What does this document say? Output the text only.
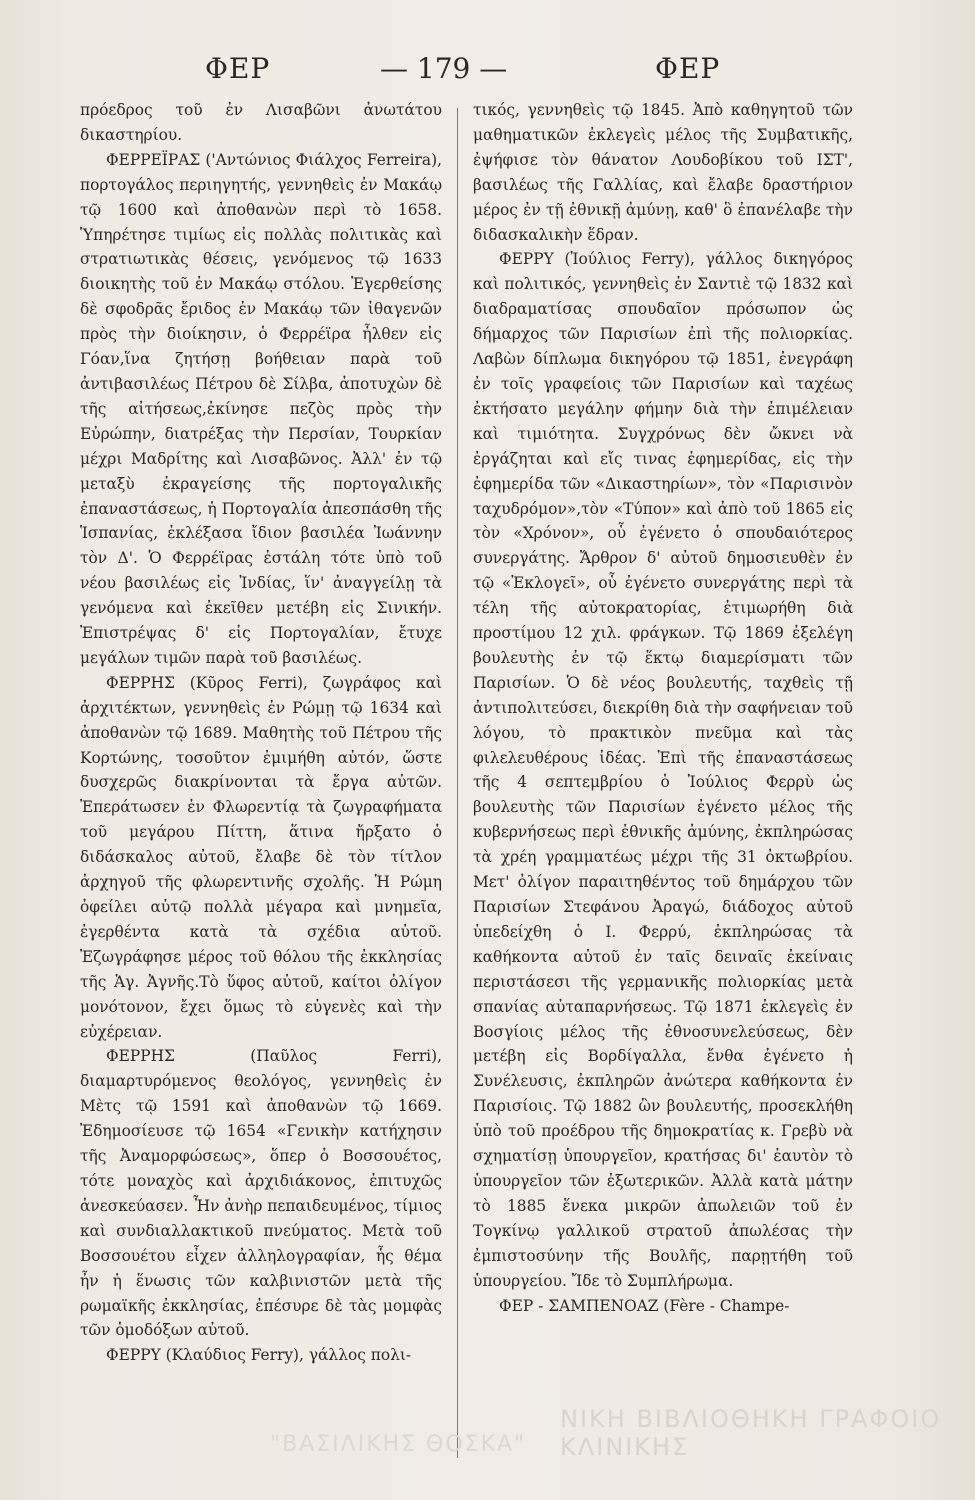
ΦΕΡ	— 179 —	ΦΕΡ

πρόεδρος τοῦ ἐν Λισαβῶνι ἀνωτάτου δικαστηρίου.

ΦΕΡΡΕΪΡΑΣ ('Αντώνιος Φιάλχος Ferreira), πορτογάλος περιηγητής, γεννηθεὶς ἐν Μακάῳ τῷ 1600 καὶ ἀποθανὼν περὶ τὸ 1658. Ὑπηρέτησε τιμίως εἰς πολλὰς πολιτικὰς καὶ στρατιωτικὰς θέσεις, γενόμενος τῷ 1633 διοικητὴς τοῦ ἐν Μακάῳ στόλου. Ἐγερθείσης δὲ σφοδρᾶς ἔριδος ἐν Μακάῳ τῶν ἰθαγενῶν πρὸς τὴν διοίκησιν, ὁ Φερρέϊρα ἦλθεν εἰς Γόαν,ἵνα ζητήσῃ βοήθειαν παρὰ τοῦ ἀντιβασιλέως Πέτρου δὲ Σίλβα, ἀποτυχὼν δὲ τῆς αἰτήσεως,ἐκίνησε πεζὸς πρὸς τὴν Εὐρώπην, διατρέξας τὴν Περσίαν, Τουρκίαν μέχρι Μαδρίτης καὶ Λισαβῶνος. Ἀλλ' ἐν τῷ μεταξὺ ἐκραγείσης τῆς πορτογαλικῆς ἐπαναστάσεως, ἡ Πορτογαλία ἀπεσπάσθη τῆς Ἱσπανίας, ἐκλέξασα ἴδιον βασιλέα Ἰωάννην τὸν Δ'. Ὁ Φερρέϊρας ἐστάλη τότε ὑπὸ τοῦ νέου βασιλέως εἰς Ἰνδίας, ἵν' ἀναγγείλῃ τὰ γενόμενα καὶ ἐκεῖθεν μετέβη εἰς Σινικήν. Ἐπιστρέψας δ' εἰς Πορτογαλίαν, ἔτυχε μεγάλων τιμῶν παρὰ τοῦ βασιλέως.

ΦΕΡΡΗΣ (Κῦρος Ferri), ζωγράφος καὶ ἀρχιτέκτων, γεννηθεὶς ἐν Ρώμῃ τῷ 1634 καὶ ἀποθανὼν τῷ 1689. Μαθητὴς τοῦ Πέτρου τῆς Κορτώνης, τοσοῦτον ἐμιμήθη αὐτόν, ὥστε δυσχερῶς διακρίνονται τὰ ἔργα αὐτῶν. Ἐπεράτωσεν ἐν Φλωρεντίᾳ τὰ ζωγραφήματα τοῦ μεγάρου Πίττη, ἅτινα ἤρξατο ὁ διδάσκαλος αὐτοῦ, ἔλαβε δὲ τὸν τίτλον ἀρχηγοῦ τῆς φλωρεντινῆς σχολῆς. Ἡ Ρώμη ὀφείλει αὐτῷ πολλὰ μέγαρα καὶ μνημεῖα, ἐγερθέντα κατὰ τὰ σχέδια αὐτοῦ. Ἐζωγράφησε μέρος τοῦ θόλου τῆς ἐκκλησίας τῆς Ἁγ. Ἀγνῆς.Τὸ ὕφος αὐτοῦ, καίτοι ὀλίγον μονότονον, ἔχει ὅμως τὸ εὐγενὲς καὶ τὴν εὐχέρειαν.

ΦΕΡΡΗΣ (Παῦλος Ferri), διαμαρτυρόμενος θεολόγος, γεννηθεὶς ἐν Μὲτς τῷ 1591 καὶ ἀποθανὼν τῷ 1669. Ἐδημοσίευσε τῷ 1654 «Γενικὴν κατήχησιν τῆς Ἀναμορφώσεως», ὅπερ ὁ Βοσσουέτος, τότε μοναχὸς καὶ ἀρχιδιάκονος, ἐπιτυχῶς ἀνεσκεύασεν. Ἦν ἀνὴρ πεπαιδευμένος, τίμιος καὶ συνδιαλλακτικοῦ πνεύματος. Μετὰ τοῦ Βοσσουέτου εἶχεν ἀλληλογραφίαν, ἧς θέμα ἦν ἡ ἕνωσις τῶν καλβινιστῶν μετὰ τῆς ρωμαϊκῆς ἐκκλησίας, ἐπέσυρε δὲ τὰς μομφὰς τῶν ὁμοδόξων αὐτοῦ.

ΦΕΡΡΥ (Κλαύδιος Ferry), γάλλος πολι-

τικός, γεννηθεὶς τῷ 1845. Ἀπὸ καθηγητοῦ τῶν μαθηματικῶν ἐκλεγεὶς μέλος τῆς Συμβατικῆς, ἐψήφισε τὸν θάνατον Λουδοβίκου τοῦ ΙΣΤ', βασιλέως τῆς Γαλλίας, καὶ ἔλαβε δραστήριον μέρος ἐν τῇ ἐθνικῇ ἀμύνῃ, καθ' ὃ ἐπανέλαβε τὴν διδασκαλικὴν ἕδραν.

ΦΕΡΡΥ (Ἰούλιος Ferry), γάλλος δικηγόρος καὶ πολιτικός, γεννηθεὶς ἐν Σαντιὲ τῷ 1832 καὶ διαδραματίσας σπουδαῖον πρόσωπον ὡς δήμαρχος τῶν Παρισίων ἐπὶ τῆς πολιορκίας. Λαβὼν δίπλωμα δικηγόρου τῷ 1851, ἐνεγράφη ἐν τοῖς γραφείοις τῶν Παρισίων καὶ ταχέως ἐκτήσατο μεγάλην φήμην διὰ τὴν ἐπιμέλειαν καὶ τιμιότητα. Συγχρόνως δὲν ὤκνει νὰ ἐργάζηται καὶ εἴς τινας ἐφημερίδας, εἰς τὴν ἐφημερίδα τῶν «Δικαστηρίων», τὸν «Παρισινὸν ταχυδρόμον»,τὸν «Τύπον» καὶ ἀπὸ τοῦ 1865 εἰς τὸν «Χρόνον», οὗ ἐγένετο ὁ σπουδαιότερος συνεργάτης. Ἄρθρον δ' αὐτοῦ δημοσιευθὲν ἐν τῷ «Ἐκλογεῖ», οὗ ἐγένετο συνεργάτης περὶ τὰ τέλη τῆς αὐτοκρατορίας, ἐτιμωρήθη διὰ προστίμου 12 χιλ. φράγκων. Τῷ 1869 ἐξελέγη βουλευτὴς ἐν τῷ ἕκτῳ διαμερίσματι τῶν Παρισίων. Ὁ δὲ νέος βουλευτής, ταχθεὶς τῇ ἀντιπολιτεύσει, διεκρίθη διὰ τὴν σαφήνειαν τοῦ λόγου, τὸ πρακτικὸν πνεῦμα καὶ τὰς φιλελευθέρους ἰδέας. Ἐπὶ τῆς ἐπαναστάσεως τῆς 4 σεπτεμβρίου ὁ Ἰούλιος Φερρὺ ὡς βουλευτὴς τῶν Παρισίων ἐγένετο μέλος τῆς κυβερνήσεως περὶ ἐθνικῆς ἀμύνης, ἐκπληρώσας τὰ χρέη γραμματέως μέχρι τῆς 31 ὀκτωβρίου. Μετ' ὀλίγον παραιτηθέντος τοῦ δημάρχου τῶν Παρισίων Στεφάνου Ἀραγώ, διάδοχος αὐτοῦ ὑπεδείχθη ὁ Ι. Φερρύ, ἐκπληρώσας τὰ καθήκοντα αὐτοῦ ἐν ταῖς δειναῖς ἐκείναις περιστάσεσι τῆς γερμανικῆς πολιορκίας μετὰ σπανίας αὐταπαρνήσεως. Τῷ 1871 ἐκλεγεὶς ἐν Βοσγίοις μέλος τῆς ἐθνοσυνελεύσεως, δὲν μετέβη εἰς Βορδίγαλλα, ἔνθα ἐγένετο ἡ Συνέλευσις, ἐκπληρῶν ἀνώτερα καθήκοντα ἐν Παρισίοις. Τῷ 1882 ὢν βουλευτής, προσεκλήθη ὑπὸ τοῦ προέδρου τῆς δημοκρατίας κ. Γρεβὺ νὰ σχηματίσῃ ὑπουργεῖον, κρατήσας δι' ἑαυτὸν τὸ ὑπουργεῖον τῶν ἐξωτερικῶν. Ἀλλὰ κατὰ μάτην τὸ 1885 ἕνεκα μικρῶν ἀπωλειῶν τοῦ ἐν Τογκίνῳ γαλλικοῦ στρατοῦ ἀπωλέσας τὴν ἐμπιστοσύνην τῆς Βουλῆς, παρῃτήθη τοῦ ὑπουργείου. Ἴδε τὸ Συμπλήρωμα.

ΦΕΡ - ΣΑΜΠΕΝΟΑΖ (Fère - Champe-

ΝΙΚΗ ΒΙΒΛΙΟΘΗΚΗ ΓΡΑΦΟΙΟ ΚΛΙΝΙΚΗΣ
"ΒΑΣΙΛΙΚΗΣ ΘΟΣΚΑ"
